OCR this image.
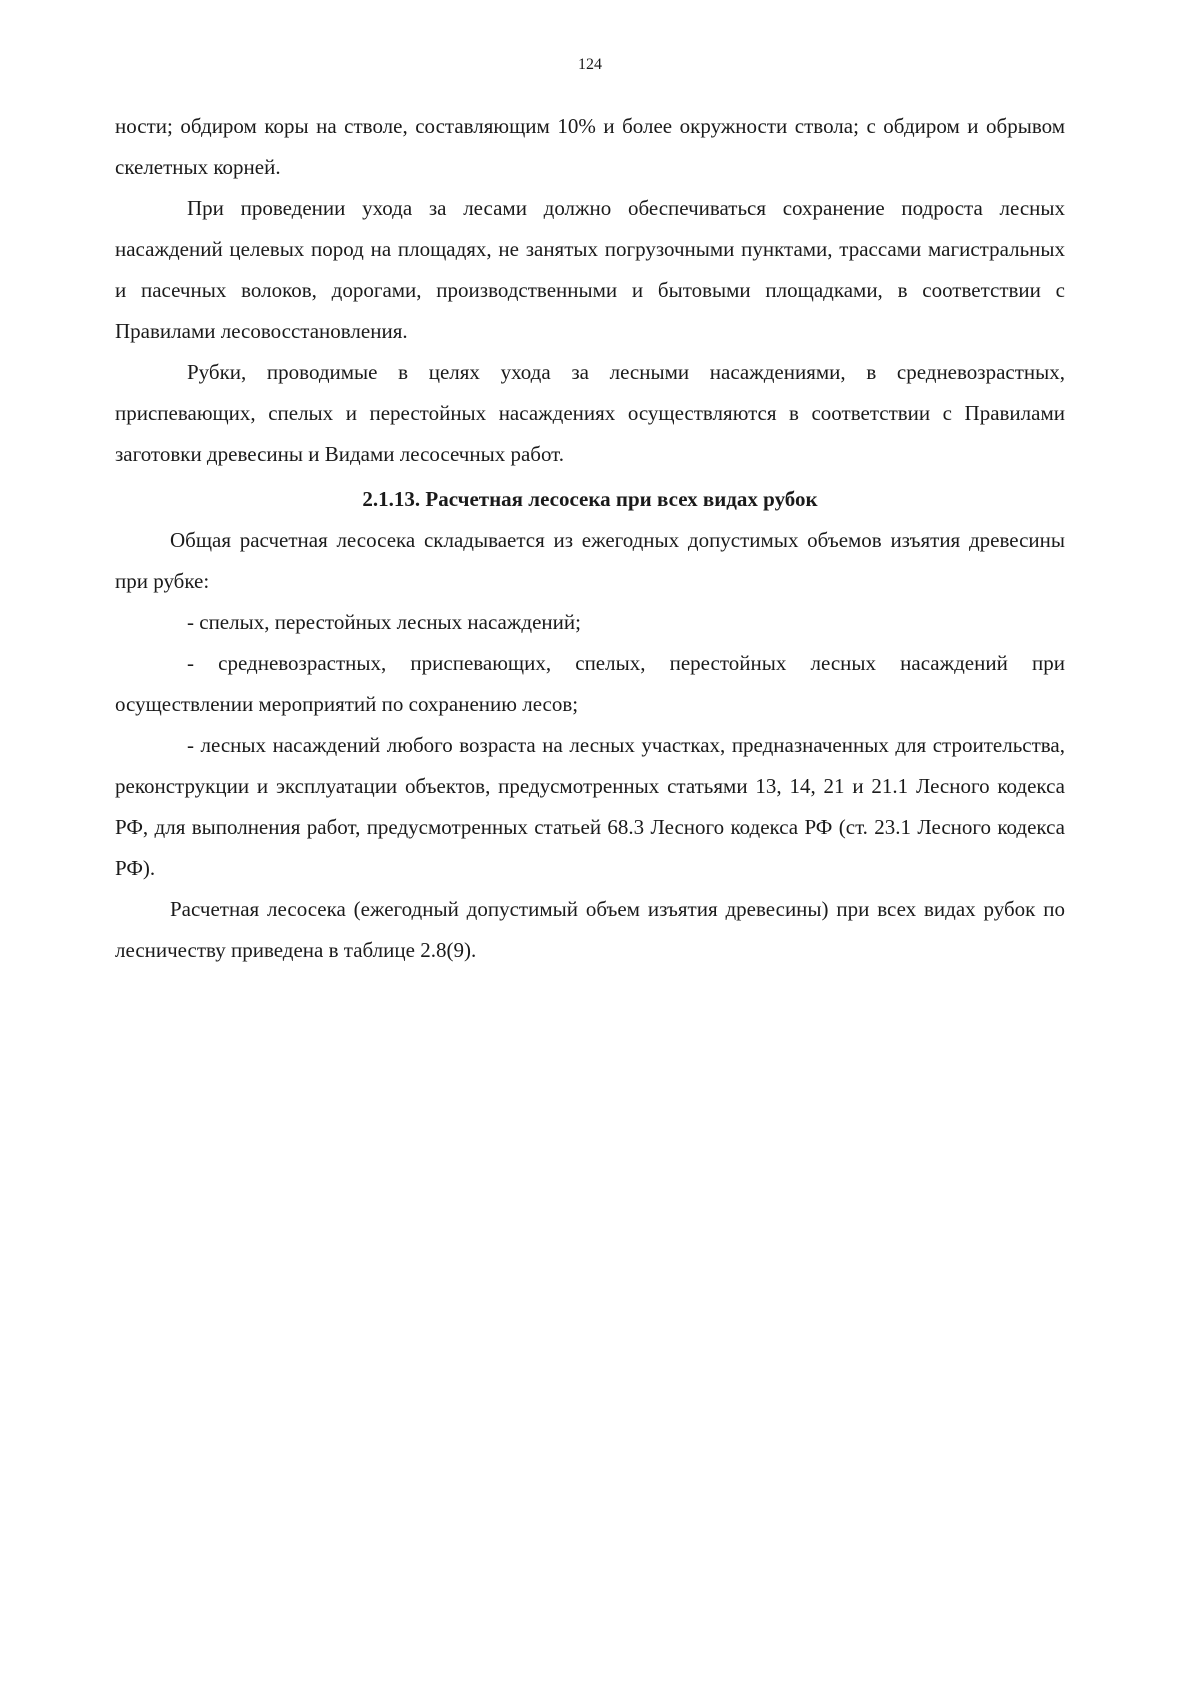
124

ности; обдиром коры на стволе, составляющим 10% и более окружности ствола; с обдиром и обрывом скелетных корней.

При проведении ухода за лесами должно обеспечиваться сохранение подроста лесных насаждений целевых пород на площадях, не занятых погрузочными пунктами, трассами магистральных и пасечных волоков, дорогами, производственными и бытовыми площадками, в соответствии с Правилами лесовосстановления.

Рубки, проводимые в целях ухода за лесными насаждениями, в средневозрастных, приспевающих, спелых и перестойных насаждениях осуществляются в соответствии с Правилами заготовки древесины и Видами лесосечных работ.

2.1.13. Расчетная лесосека при всех видах рубок

Общая расчетная лесосека складывается из ежегодных допустимых объемов изъятия древесины при рубке:

- спелых, перестойных лесных насаждений;

- средневозрастных, приспевающих, спелых, перестойных лесных насаждений при осуществлении мероприятий по сохранению лесов;

- лесных насаждений любого возраста на лесных участках, предназначенных для строительства, реконструкции и эксплуатации объектов, предусмотренных статьями 13, 14, 21 и 21.1 Лесного кодекса РФ, для выполнения работ, предусмотренных статьей 68.3 Лесного кодекса РФ (ст. 23.1 Лесного кодекса РФ).

Расчетная лесосека (ежегодный допустимый объем изъятия древесины) при всех видах рубок по лесничеству приведена в таблице 2.8(9).
